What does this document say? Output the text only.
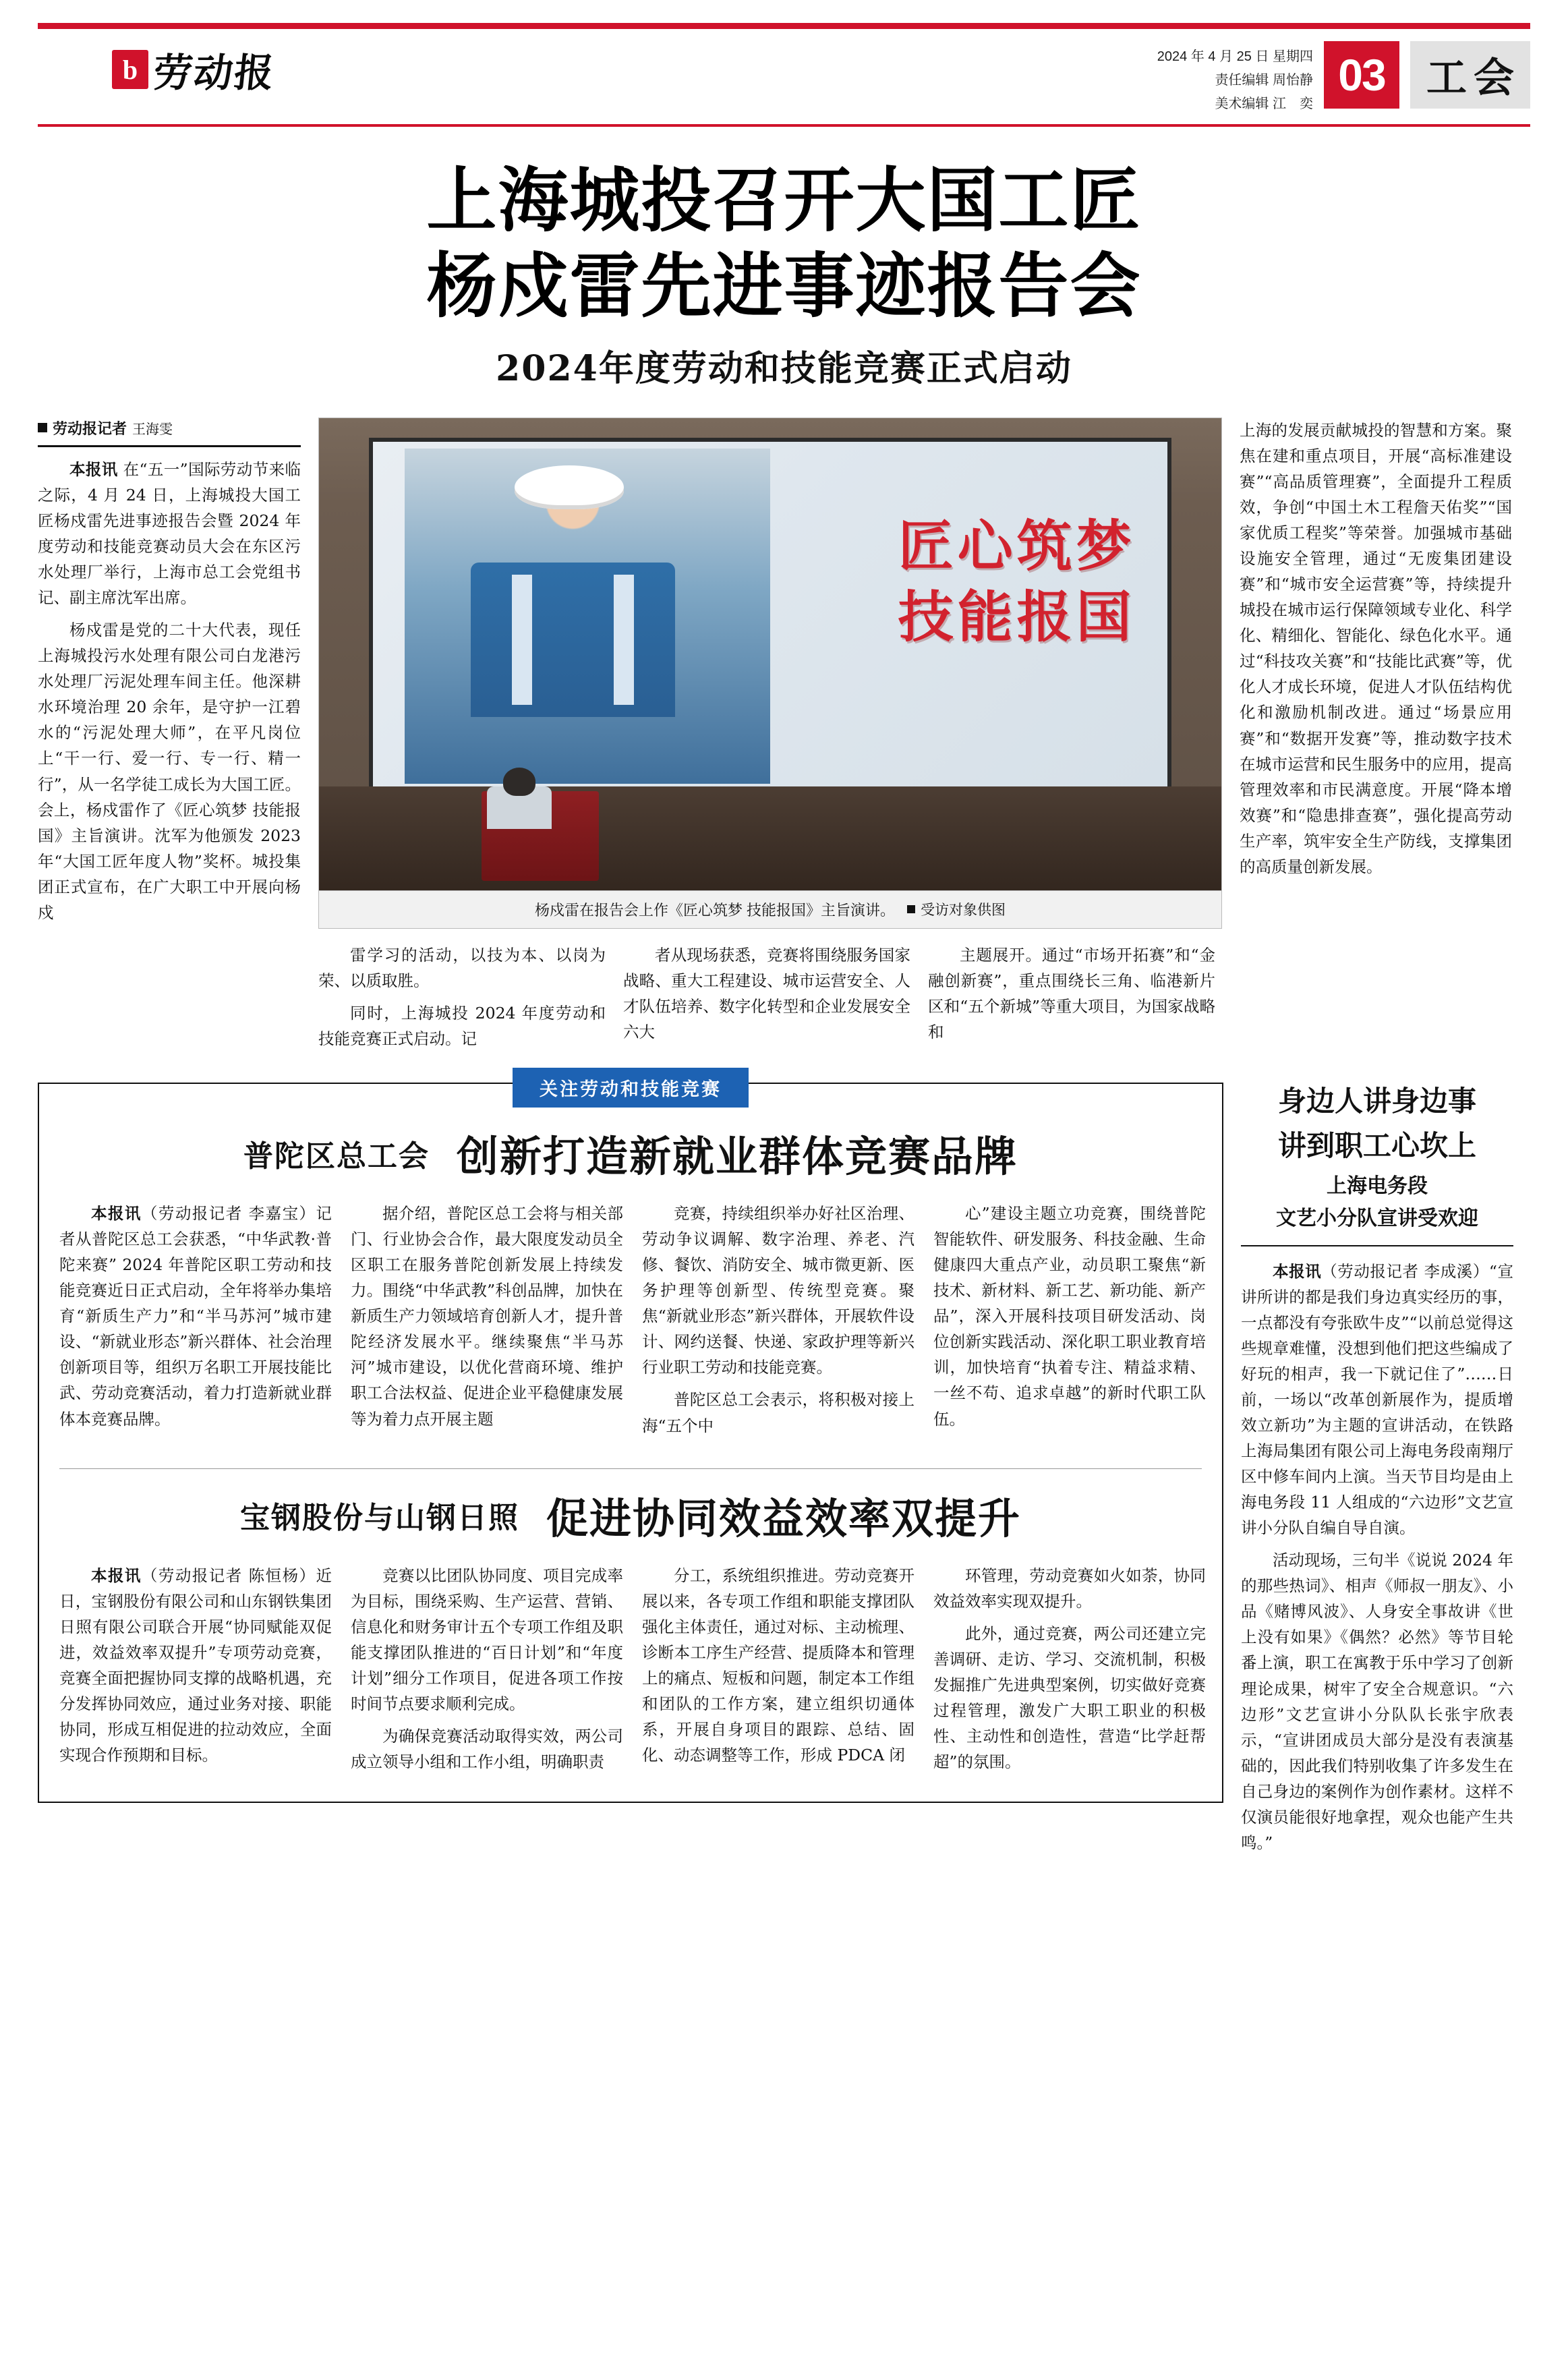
b 劳动报	2024 年 4 月 25 日 星期四
责任编辑 周怡静
美术编辑 江　奕
03	工会
上海城投召开大国工匠
杨戍雷先进事迹报告会
2024年度劳动和技能竞赛正式启动
劳动报记者 王海雯

本报讯 在“五一”国际劳动节来临之际，4 月 24 日，上海城投大国工匠杨戍雷先进事迹报告会暨 2024 年度劳动和技能竞赛动员大会在东区污水处理厂举行，上海市总工会党组书记、副主席沈军出席。

杨戍雷是党的二十大代表，现任上海城投污水处理有限公司白龙港污水处理厂污泥处理车间主任。他深耕水环境治理 20 余年，是守护一江碧水的“污泥处理大师”，在平凡岗位上“干一行、爱一行、专一行、精一行”，从一名学徒工成长为大国工匠。会上，杨戍雷作了《匠心筑梦 技能报国》主旨演讲。沈军为他颁发 2023 年“大国工匠年度人物”奖杯。城投集团正式宣布，在广大职工中开展向杨戍

匠心筑梦
技能报国
杨戍雷在报告会上作《匠心筑梦 技能报国》主旨演讲。 受访对象供图

雷学习的活动，以技为本、以岗为荣、以质取胜。

同时，上海城投 2024 年度劳动和技能竞赛正式启动。记

者从现场获悉，竞赛将围绕服务国家战略、重大工程建设、城市运营安全、人才队伍培养、数字化转型和企业发展安全六大

主题展开。通过“市场开拓赛”和“金融创新赛”，重点围绕长三角、临港新片区和“五个新城”等重大项目，为国家战略和

上海的发展贡献城投的智慧和方案。聚焦在建和重点项目，开展“高标准建设赛”“高品质管理赛”，全面提升工程质效，争创“中国土木工程詹天佑奖”“国家优质工程奖”等荣誉。加强城市基础设施安全管理，通过“无废集团建设赛”和“城市安全运营赛”等，持续提升城投在城市运行保障领域专业化、科学化、精细化、智能化、绿色化水平。通过“科技攻关赛”和“技能比武赛”等，优化人才成长环境，促进人才队伍结构优化和激励机制改进。通过“场景应用赛”和“数据开发赛”等，推动数字技术在城市运营和民生服务中的应用，提高管理效率和市民满意度。开展“降本增效赛”和“隐患排查赛”，强化提高劳动生产率，筑牢安全生产防线，支撑集团的高质量创新发展。

关注劳动和技能竞赛
普陀区总工会 创新打造新就业群体竞赛品牌

本报讯（劳动报记者 李嘉宝）记者从普陀区总工会获悉，“中华武教·普陀来赛” 2024 年普陀区职工劳动和技能竞赛近日正式启动，全年将举办集培育“新质生产力”和“半马苏河”城市建设、“新就业形态”新兴群体、社会治理创新项目等，组织万名职工开展技能比武、劳动竞赛活动，着力打造新就业群体本竞赛品牌。

据介绍，普陀区总工会将与相关部门、行业协会合作，最大限度发动员全区职工在服务普陀创新发展上持续发力。围绕“中华武教”科创品牌，加快在新质生产力领域培育创新人才，提升普陀经济发展水平。继续聚焦“半马苏河”城市建设，以优化营商环境、维护职工合法权益、促进企业平稳健康发展等为着力点开展主题

竞赛，持续组织举办好社区治理、劳动争议调解、数字治理、养老、汽修、餐饮、消防安全、城市微更新、医务护理等创新型、传统型竞赛。聚焦“新就业形态”新兴群体，开展软件设计、网约送餐、快递、家政护理等新兴行业职工劳动和技能竞赛。

普陀区总工会表示，将积极对接上海“五个中

心”建设主题立功竞赛，围绕普陀智能软件、研发服务、科技金融、生命健康四大重点产业，动员职工聚焦“新技术、新材料、新工艺、新功能、新产品”，深入开展科技项目研发活动、岗位创新实践活动、深化职工职业教育培训，加快培育“执着专注、精益求精、一丝不苟、追求卓越”的新时代职工队伍。

宝钢股份与山钢日照 促进协同效益效率双提升

本报讯（劳动报记者 陈恒杨）近日，宝钢股份有限公司和山东钢铁集团日照有限公司联合开展“协同赋能双促进，效益效率双提升”专项劳动竞赛，竞赛全面把握协同支撑的战略机遇，充分发挥协同效应，通过业务对接、职能协同，形成互相促进的拉动效应，全面实现合作预期和目标。

竞赛以比团队协同度、项目完成率为目标，围绕采购、生产运营、营销、信息化和财务审计五个专项工作组及职能支撑团队推进的“百日计划”和“年度计划”细分工作项目，促进各项工作按时间节点要求顺利完成。

为确保竞赛活动取得实效，两公司成立领导小组和工作小组，明确职责

分工，系统组织推进。劳动竞赛开展以来，各专项工作组和职能支撑团队强化主体责任，通过对标、主动梳理、诊断本工序生产经营、提质降本和管理上的痛点、短板和问题，制定本工作组和团队的工作方案，建立组织切通体系，开展自身项目的跟踪、总结、固化、动态调整等工作，形成 PDCA 闭

环管理，劳动竞赛如火如荼，协同效益效率实现双提升。

此外，通过竞赛，两公司还建立完善调研、走访、学习、交流机制，积极发掘推广先进典型案例，切实做好竞赛过程管理，激发广大职工职业的积极性、主动性和创造性，营造“比学赶帮超”的氛围。

身边人讲身边事
讲到职工心坎上
上海电务段
文艺小分队宣讲受欢迎

本报讯（劳动报记者 李成溪）“宣讲所讲的都是我们身边真实经历的事，一点都没有夸张欧牛皮”“以前总觉得这些规章难懂，没想到他们把这些编成了好玩的相声，我一下就记住了”……日前，一场以“改革创新展作为，提质增效立新功”为主题的宣讲活动，在铁路上海局集团有限公司上海电务段南翔厅区中修车间内上演。当天节目均是由上海电务段 11 人组成的“六边形”文艺宣讲小分队自编自导自演。

活动现场，三句半《说说 2024 年的那些热词》、相声《师叔一朋友》、小品《赌博风波》、人身安全事故讲《世上没有如果》《偶然？必然》等节目轮番上演，职工在寓教于乐中学习了创新理论成果，树牢了安全合规意识。“六边形”文艺宣讲小分队队长张宇欣表示，“宣讲团成员大部分是没有表演基础的，因此我们特别收集了许多发生在自己身边的案例作为创作素材。这样不仅演员能很好地拿捏，观众也能产生共鸣。”
